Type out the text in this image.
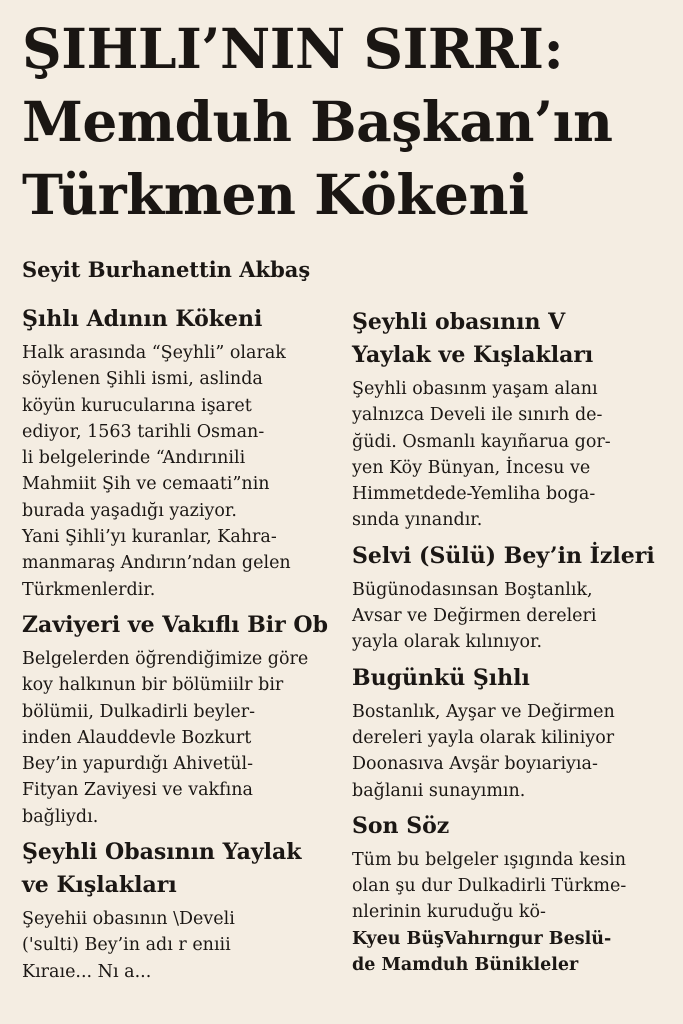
ŞIHLI’NIN SIRRI:
Memduh Başkan’ın
Türkmen Kökeni
Seyit Burhanettin Akbaş
Şıhlı Adının Kökeni
Halk arasında “Şeyhli” olarak
söylenen Şihli ismi, aslinda
köyün kurucularına işaret
ediyor, 1563 tarihli Osman-
li belgelerinde “Andırınili
Mahmiit Şih ve cemaati”nin
burada yaşadığı yaziyor.
Yani Şihli’yı kuranlar, Kahra-
manmaraş Andırın’ndan gelen
Türkmenlerdir.
Zaviyeri ve Vakıflı Bir Ob
Belgelerden öğrendiğimize göre
koy halkınun bir bölümiilr bir
bölümii, Dulkadirli beyler-
inden Alauddevle Bozkurt
Bey’in yapurdığı Ahivetül-
Fityan Zaviyesi ve vakfına
bağliydı.
Şeyhli Obasının Yaylak
ve Kışlakları
Şeyehii obasının \Develi
('sulti) Bey’in adı r enıii
Kıraıe... Nı a...
Şeyhli obasının V
Yaylak ve Kışlakları
Şeyhli obasınm yaşam alanı
yalnızca Develi ile sınırh de-
ğüdi. Osmanlı kayıñarua gor-
yen Köy Bünyan, İncesu ve
Himmetdede-Yemliha boga-
sında yınandır.
Selvi (Sülü) Bey’in İzleri
Bügünodasınsan Boştanlık,
Avsar ve Değirmen dereleri
yayla olarak kılınıyor.
Bugünkü Şıhlı
Bostanlık, Ayşar ve Değirmen
dereleri yayla olarak kiliniyor
Doonasıva Avşär boyıariyıa-
bağlanıi sunayımın.
Son Söz
Tüm bu belgeler ışıgında kesin
olan şu dur Dulkadirli Türkme-
nlerinin kuruduğu kö-
Kyeu BüşVahırngur Beslü-
de Mamduh Bünikleler
